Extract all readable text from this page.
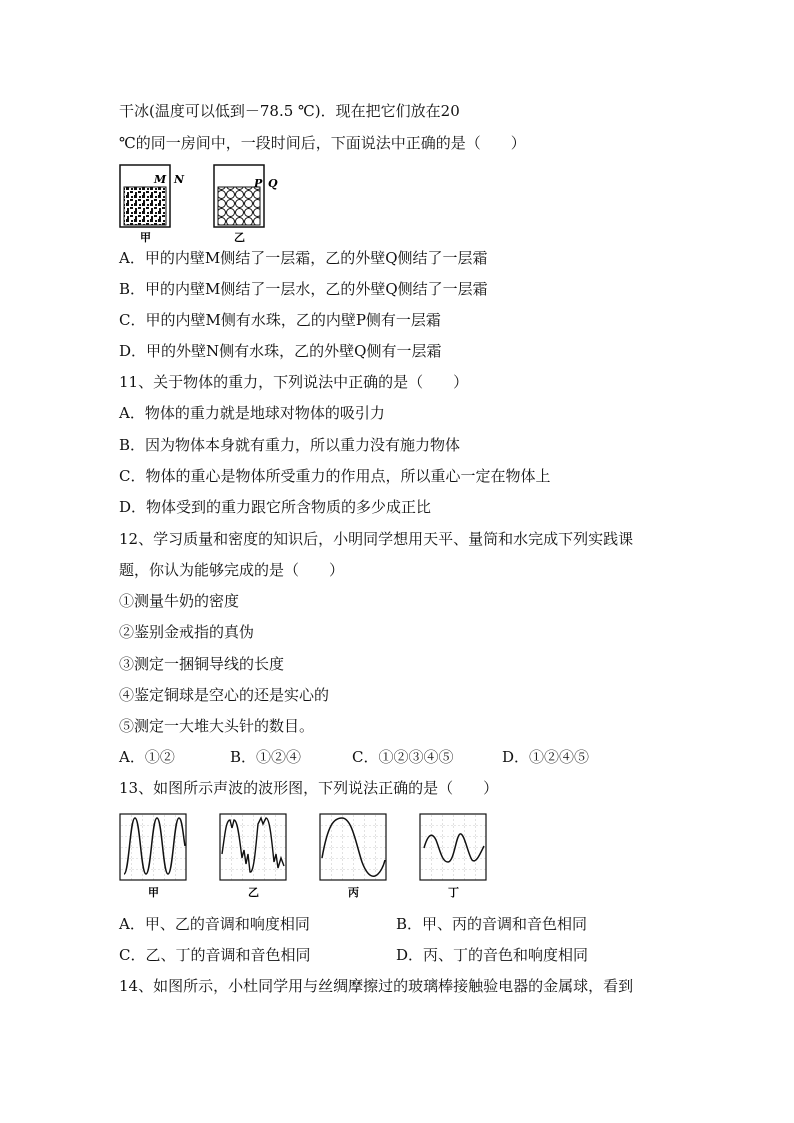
干冰(温度可以低到－78.5 ℃)．现在把它们放在20
℃的同一房间中，一段时间后，下面说法中正确的是（　　）
M N	P Q
甲	乙
A．甲的内壁M侧结了一层霜，乙的外壁Q侧结了一层霜
B．甲的内壁M侧结了一层水，乙的外壁Q侧结了一层霜
C．甲的内壁M侧有水珠，乙的内壁P侧有一层霜
D．甲的外壁N侧有水珠，乙的外壁Q侧有一层霜
11、关于物体的重力，下列说法中正确的是（　　）
A．物体的重力就是地球对物体的吸引力
B．因为物体本身就有重力，所以重力没有施力物体
C．物体的重心是物体所受重力的作用点，所以重心一定在物体上
D．物体受到的重力跟它所含物质的多少成正比
12、学习质量和密度的知识后，小明同学想用天平、量筒和水完成下列实践课
题，你认为能够完成的是（　　）
①测量牛奶的密度
②鉴别金戒指的真伪
③测定一捆铜导线的长度
④鉴定铜球是空心的还是实心的
⑤测定一大堆大头针的数目。
A．①②	B．①②④	C．①②③④⑤	D．①②④⑤
13、如图所示声波的波形图，下列说法正确的是（　　）
甲	乙	丙	丁
A．甲、乙的音调和响度相同	B．甲、丙的音调和音色相同
C．乙、丁的音调和音色相同	D．丙、丁的音色和响度相同
14、如图所示，小杜同学用与丝绸摩擦过的玻璃棒接触验电器的金属球，看到
